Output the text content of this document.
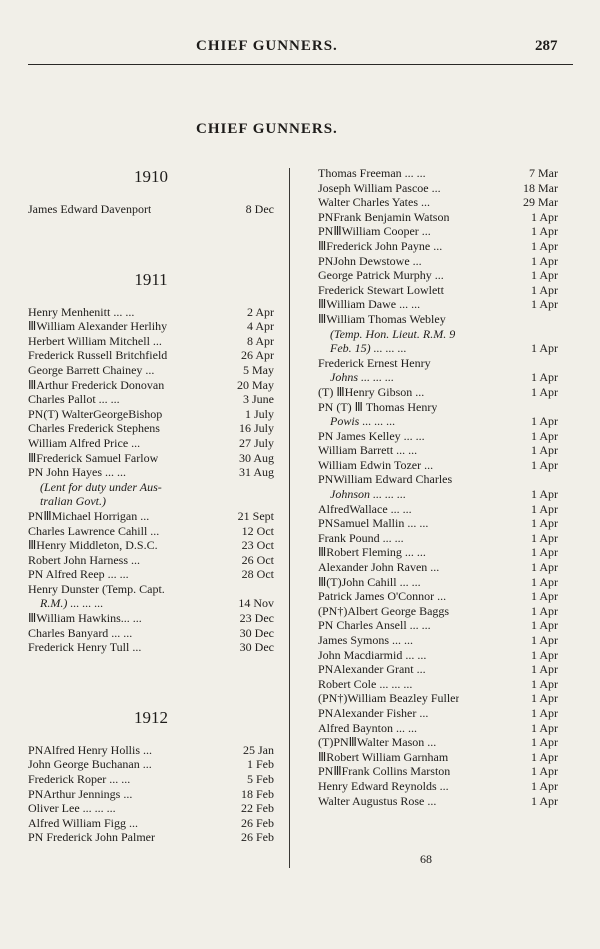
CHIEF GUNNERS.	287
CHIEF GUNNERS.
1910
James Edward Davenport	8 Dec
1911
Henry Menhenitt ... ...	2 Apr
ⅢWilliam Alexander Herlihy	4 Apr
Herbert William Mitchell ...	8 Apr
Frederick Russell Britchfield	26 Apr
George Barrett Chainey ...	5 May
ⅢArthur Frederick Donovan	20 May
Charles Pallot ... ...	3 June
PN(T) WalterGeorgeBishop	1 July
Charles Frederick Stephens	16 July
William Alfred Price ...	27 July
ⅢFrederick Samuel Farlow	30 Aug
PN John Hayes ... ...	31 Aug
(Lent for duty under Aus-
tralian Govt.)
PNⅢMichael Horrigan ...	21 Sept
Charles Lawrence Cahill ...	12 Oct
ⅢHenry Middleton, D.S.C.	23 Oct
Robert John Harness ...	26 Oct
PN Alfred Reep ... ...	28 Oct
Henry Dunster (Temp. Capt.
R.M.) ... ... ...	14 Nov
ⅢWilliam Hawkins... ...	23 Dec
Charles Banyard ... ...	30 Dec
Frederick Henry Tull ...	30 Dec
1912
PNAlfred Henry Hollis ...	25 Jan
John George Buchanan ...	1 Feb
Frederick Roper ... ...	5 Feb
PNArthur Jennings ...	18 Feb
Oliver Lee ... ... ...	22 Feb
Alfred William Figg ...	26 Feb
PN Frederick John Palmer	26 Feb
Thomas Freeman ... ...	7 Mar
Joseph William Pascoe ...	18 Mar
Walter Charles Yates ...	29 Mar
PNFrank Benjamin Watson	1 Apr
PNⅢWilliam Cooper ...	1 Apr
ⅢFrederick John Payne ...	1 Apr
PNJohn Dewstowe ...	1 Apr
George Patrick Murphy ...	1 Apr
Frederick Stewart Lowlett	1 Apr
ⅢWilliam Dawe ... ...	1 Apr
ⅢWilliam Thomas Webley
(Temp. Hon. Lieut. R.M. 9
Feb. 15) ... ... ...	1 Apr
Frederick Ernest Henry
Johns ... ... ...	1 Apr
(T) ⅢHenry Gibson ...	1 Apr
PN (T) Ⅲ Thomas Henry
Powis ... ... ...	1 Apr
PN James Kelley ... ...	1 Apr
William Barrett ... ...	1 Apr
William Edwin Tozer ...	1 Apr
PNWilliam Edward Charles
Johnson ... ... ...	1 Apr
AlfredWallace ... ...	1 Apr
PNSamuel Mallin ... ...	1 Apr
Frank Pound ... ...	1 Apr
ⅢRobert Fleming ... ...	1 Apr
Alexander John Raven ...	1 Apr
Ⅲ(T)John Cahill ... ...	1 Apr
Patrick James O'Connor ...	1 Apr
(PN†)Albert George Baggs	1 Apr
PN Charles Ansell ... ...	1 Apr
James Symons ... ...	1 Apr
John Macdiarmid ... ...	1 Apr
PNAlexander Grant ...	1 Apr
Robert Cole ... ... ...	1 Apr
(PN†)William Beazley Fuller	1 Apr
PNAlexander Fisher ...	1 Apr
Alfred Baynton ... ...	1 Apr
(T)PNⅢWalter Mason ...	1 Apr
ⅢRobert William Garnham	1 Apr
PNⅢFrank Collins Marston	1 Apr
Henry Edward Reynolds ...	1 Apr
Walter Augustus Rose ...	1 Apr
68
